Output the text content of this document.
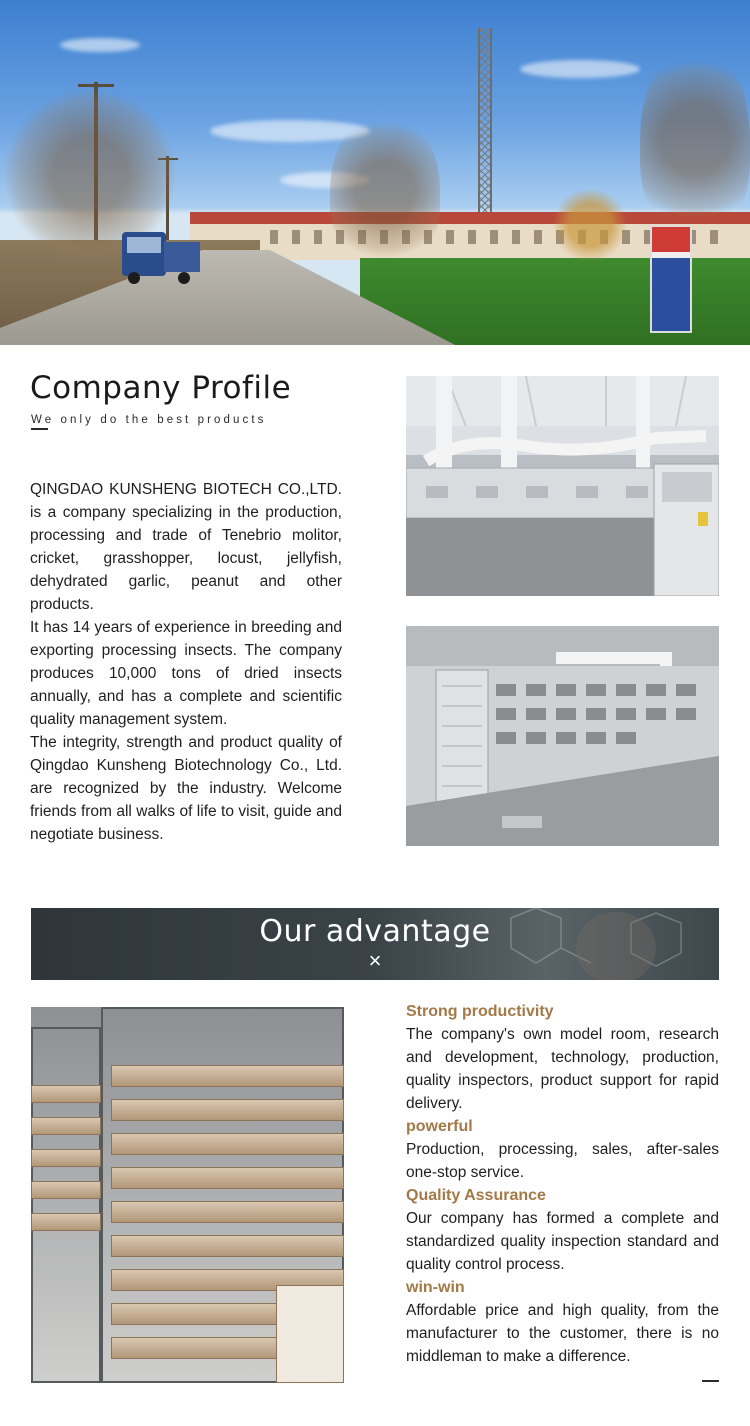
Company Profile
We only do the best products

QINGDAO KUNSHENG BIOTECH CO.,LTD. is a company specializing in the production, processing and trade of Tenebrio molitor, cricket, grasshopper, locust, jellyfish, dehydrated garlic, peanut and other products.

It has 14 years of experience in breeding and exporting processing insects. The company produces 10,000 tons of dried insects annually, and has a complete and scientific quality management system.

The integrity, strength and product quality of Qingdao Kunsheng Biotechnology Co., Ltd. are recognized by the industry. Welcome friends from all walks of life to visit, guide and negotiate business.

Our advantage
×
Strong productivity

The company's own model room, research and development, technology, production, quality inspectors, product support for rapid delivery.

powerful

Production, processing, sales, after-sales one-stop service.

Quality Assurance

Our company has formed a complete and standardized quality inspection standard and quality control process.

win-win

Affordable price and high quality, from the manufacturer to the customer, there is no middleman to make a difference.
